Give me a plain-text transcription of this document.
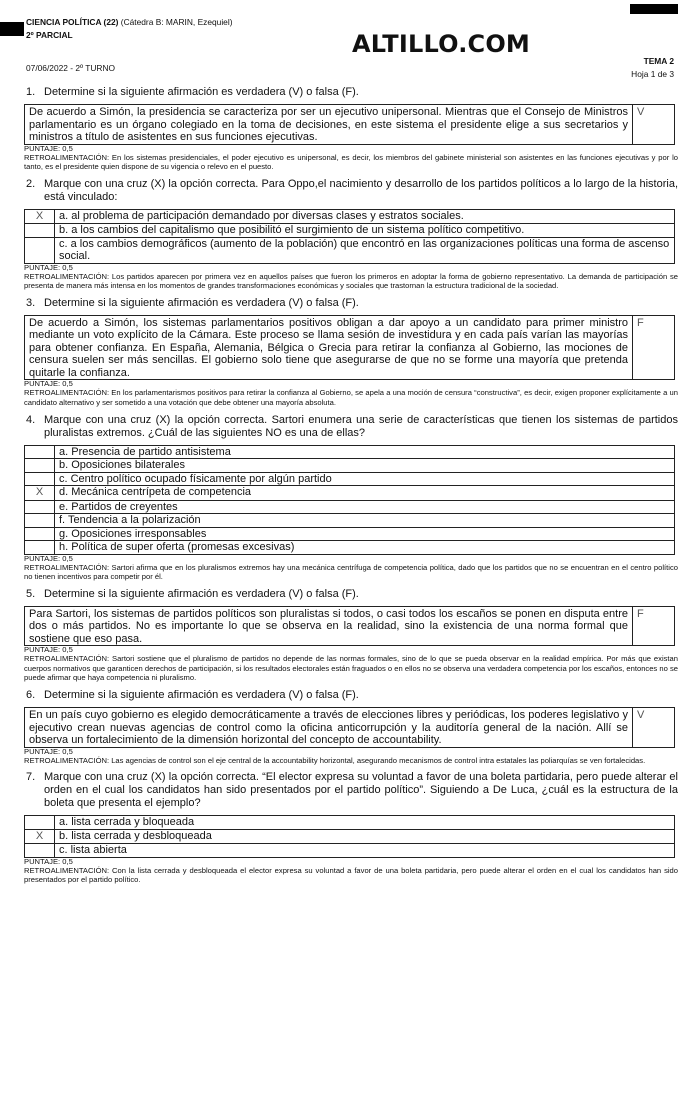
CIENCIA POLÍTICA (22) (Cátedra B: MARIN, Ezequiel)
2º PARCIAL	ALTILLO.COM
07/06/2022 - 2º TURNO
TEMA 2
Hoja 1 de 3
1. Determine si la siguiente afirmación es verdadera (V) o falsa (F).
De acuerdo a Simón, la presidencia se caracteriza por ser un ejecutivo unipersonal. Mientras que el Consejo de Ministros parlamentario es un órgano colegiado en la toma de decisiones, en este sistema el presidente elige a sus secretarios y ministros a título de asistentes en sus funciones ejecutivas.	V
PUNTAJE: 0,5
RETROALIMENTACIÓN: En los sistemas presidenciales, el poder ejecutivo es unipersonal, es decir, los miembros del gabinete ministerial son asistentes en las funciones ejecutivas y por lo tanto, es el presidente quien dispone de su vigencia o relevo en el puesto.
2. Marque con una cruz (X) la opción correcta. Para Oppo,el nacimiento y desarrollo de los partidos políticos a lo largo de la historia, está vinculado:
X	a. al problema de participación demandado por diversas clases y estratos sociales.
	b. a los cambios del capitalismo que posibilitó el surgimiento de un sistema político competitivo.
	c. a los cambios demográficos (aumento de la población) que encontró en las organizaciones políticas una forma de ascenso social.
PUNTAJE: 0,5
RETROALIMENTACIÓN: Los partidos aparecen por primera vez en aquellos países que fueron los primeros en adoptar la forma de gobierno representativo. La demanda de participación se presenta de manera más intensa en los momentos de grandes transformaciones económicas y sociales que trastornan la estructura tradicional de la sociedad.
3. Determine si la siguiente afirmación es verdadera (V) o falsa (F).
De acuerdo a Simón, los sistemas parlamentarios positivos obligan a dar apoyo a un candidato para primer ministro mediante un voto explícito de la Cámara. Este proceso se llama sesión de investidura y en cada país varían las mayorías para obtener confianza. En España, Alemania, Bélgica o Grecia para retirar la confianza al Gobierno, las mociones de censura suelen ser más sencillas. El gobierno solo tiene que asegurarse de que no se forme una mayoría que pretenda quitarle la confianza.	F
PUNTAJE: 0,5
RETROALIMENTACIÓN: En los parlamentarismos positivos para retirar la confianza al Gobierno, se apela a una moción de censura “constructiva”, es decir, exigen proponer explícitamente a un candidato alternativo y ser sometido a una votación que debe obtener una mayoría absoluta.
4. Marque con una cruz (X) la opción correcta. Sartori enumera una serie de características que tienen los sistemas de partidos pluralistas extremos. ¿Cuál de las siguientes NO es una de ellas?
	a. Presencia de partido antisistema
	b. Oposiciones bilaterales
	c. Centro político ocupado físicamente por algún partido
X	d. Mecánica centrípeta de competencia
	e. Partidos de creyentes
	f. Tendencia a la polarización
	g. Oposiciones irresponsables
	h. Política de super oferta (promesas excesivas)
PUNTAJE: 0,5
RETROALIMENTACIÓN: Sartori afirma que en los pluralismos extremos hay una mecánica centrífuga de competencia política, dado que los partidos que no se encuentran en el centro político no tienen incentivos para competir por él.
5. Determine si la siguiente afirmación es verdadera (V) o falsa (F).
Para Sartori, los sistemas de partidos políticos son pluralistas si todos, o casi todos los escaños se ponen en disputa entre dos o más partidos. No es importante lo que se observa en la realidad, sino la existencia de una norma formal que sostiene que eso pasa.	F
PUNTAJE: 0,5
RETROALIMENTACIÓN: Sartori sostiene que el pluralismo de partidos no depende de las normas formales, sino de lo que se pueda observar en la realidad empírica. Por más que existan cuerpos normativos que garanticen derechos de participación, si los resultados electorales están fraguados o en ellos no se observa una verdadera competencia por los escaños, entonces no se puede afirmar que haya competencia ni pluralismo.
6. Determine si la siguiente afirmación es verdadera (V) o falsa (F).
En un país cuyo gobierno es elegido democráticamente a través de elecciones libres y periódicas, los poderes legislativo y ejecutivo crean nuevas agencias de control como la oficina anticorrupción y la auditoría general de la nación. Allí se observa un fortalecimiento de la dimensión horizontal del concepto de accountability.	V
PUNTAJE: 0,5
RETROALIMENTACIÓN: Las agencias de control son el eje central de la accountability horizontal, asegurando mecanismos de control intra estatales las poliarquías se ven fortalecidas.
7. Marque con una cruz (X) la opción correcta. “El elector expresa su voluntad a favor de una boleta partidaria, pero puede alterar el orden en el cual los candidatos han sido presentados por el partido político”. Siguiendo a De Luca, ¿cuál es la estructura de la boleta que presenta el ejemplo?
	a. lista cerrada y bloqueada
X	b. lista cerrada y desbloqueada
	c. lista abierta
PUNTAJE: 0,5
RETROALIMENTACIÓN: Con la lista cerrada y desbloqueada el elector expresa su voluntad a favor de una boleta partidaria, pero puede alterar el orden en el cual los candidatos han sido presentados por el partido político.
